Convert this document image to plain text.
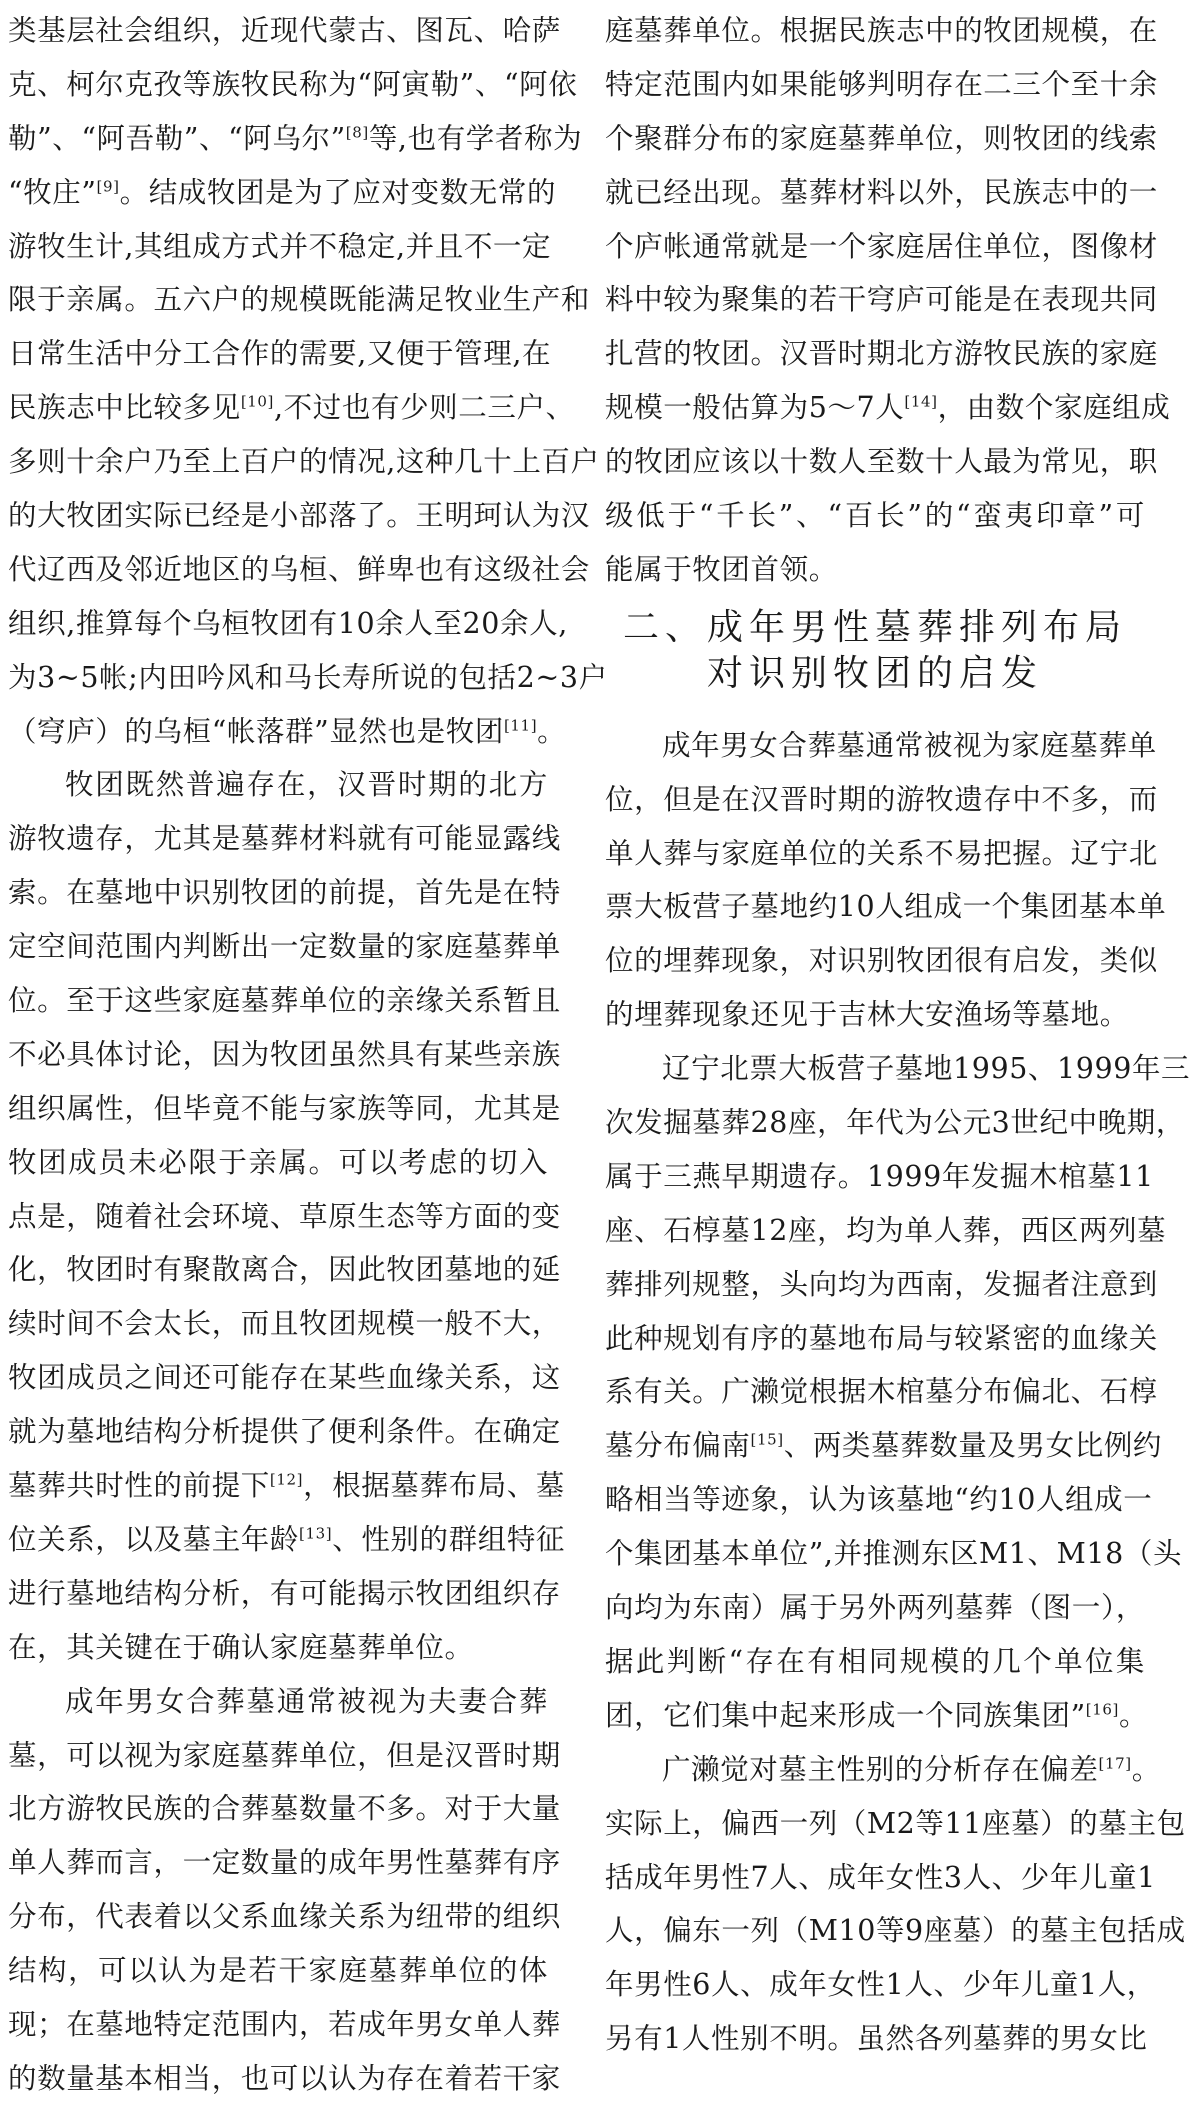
类基层社会组织，近现代蒙古、图瓦、哈萨
克、柯尔克孜等族牧民称为“阿寅勒”、“阿依
勒”、“阿吾勒”、“阿乌尔”[8]等,也有学者称为
“牧庄”[9]。结成牧团是为了应对变数无常的
游牧生计,其组成方式并不稳定,并且不一定
限于亲属。五六户的规模既能满足牧业生产和
日常生活中分工合作的需要,又便于管理,在
民族志中比较多见[10],不过也有少则二三户、
多则十余户乃至上百户的情况,这种几十上百户
的大牧团实际已经是小部落了。王明珂认为汉
代辽西及邻近地区的乌桓、鲜卑也有这级社会
组织,推算每个乌桓牧团有10余人至20余人,
为3~5帐;内田吟风和马长寿所说的包括2~3户
（穹庐）的乌桓“帐落群”显然也是牧团[11]。
牧团既然普遍存在，汉晋时期的北方
游牧遗存，尤其是墓葬材料就有可能显露线
索。在墓地中识别牧团的前提，首先是在特
定空间范围内判断出一定数量的家庭墓葬单
位。至于这些家庭墓葬单位的亲缘关系暂且
不必具体讨论，因为牧团虽然具有某些亲族
组织属性，但毕竟不能与家族等同，尤其是
牧团成员未必限于亲属。可以考虑的切入
点是，随着社会环境、草原生态等方面的变
化，牧团时有聚散离合，因此牧团墓地的延
续时间不会太长，而且牧团规模一般不大，
牧团成员之间还可能存在某些血缘关系，这
就为墓地结构分析提供了便利条件。在确定
墓葬共时性的前提下[12]，根据墓葬布局、墓
位关系，以及墓主年龄[13]、性别的群组特征
进行墓地结构分析，有可能揭示牧团组织存
在，其关键在于确认家庭墓葬单位。
成年男女合葬墓通常被视为夫妻合葬
墓，可以视为家庭墓葬单位，但是汉晋时期
北方游牧民族的合葬墓数量不多。对于大量
单人葬而言，一定数量的成年男性墓葬有序
分布，代表着以父系血缘关系为纽带的组织
结构，可以认为是若干家庭墓葬单位的体
现；在墓地特定范围内，若成年男女单人葬
的数量基本相当，也可以认为存在着若干家
庭墓葬单位。根据民族志中的牧团规模，在
特定范围内如果能够判明存在二三个至十余
个聚群分布的家庭墓葬单位，则牧团的线索
就已经出现。墓葬材料以外，民族志中的一
个庐帐通常就是一个家庭居住单位，图像材
料中较为聚集的若干穹庐可能是在表现共同
扎营的牧团。汉晋时期北方游牧民族的家庭
规模一般估算为5～7人[14]，由数个家庭组成
的牧团应该以十数人至数十人最为常见，职
级低于“千长”、“百长”的“蛮夷印章”可
能属于牧团首领。
二、成年男性墓葬排列布局
对识别牧团的启发
成年男女合葬墓通常被视为家庭墓葬单
位，但是在汉晋时期的游牧遗存中不多，而
单人葬与家庭单位的关系不易把握。辽宁北
票大板营子墓地约10人组成一个集团基本单
位的埋葬现象，对识别牧团很有启发，类似
的埋葬现象还见于吉林大安渔场等墓地。
辽宁北票大板营子墓地1995、1999年三
次发掘墓葬28座，年代为公元3世纪中晚期，
属于三燕早期遗存。1999年发掘木棺墓11
座、石椁墓12座，均为单人葬，西区两列墓
葬排列规整，头向均为西南，发掘者注意到
此种规划有序的墓地布局与较紧密的血缘关
系有关。广濑觉根据木棺墓分布偏北、石椁
墓分布偏南[15]、两类墓葬数量及男女比例约
略相当等迹象，认为该墓地“约10人组成一
个集团基本单位”,并推测东区M1、M18（头
向均为东南）属于另外两列墓葬（图一），
据此判断“存在有相同规模的几个单位集
团，它们集中起来形成一个同族集团”[16]。
广濑觉对墓主性别的分析存在偏差[17]。
实际上，偏西一列（M2等11座墓）的墓主包
括成年男性7人、成年女性3人、少年儿童1
人，偏东一列（M10等9座墓）的墓主包括成
年男性6人、成年女性1人、少年儿童1人，
另有1人性别不明。虽然各列墓葬的男女比
